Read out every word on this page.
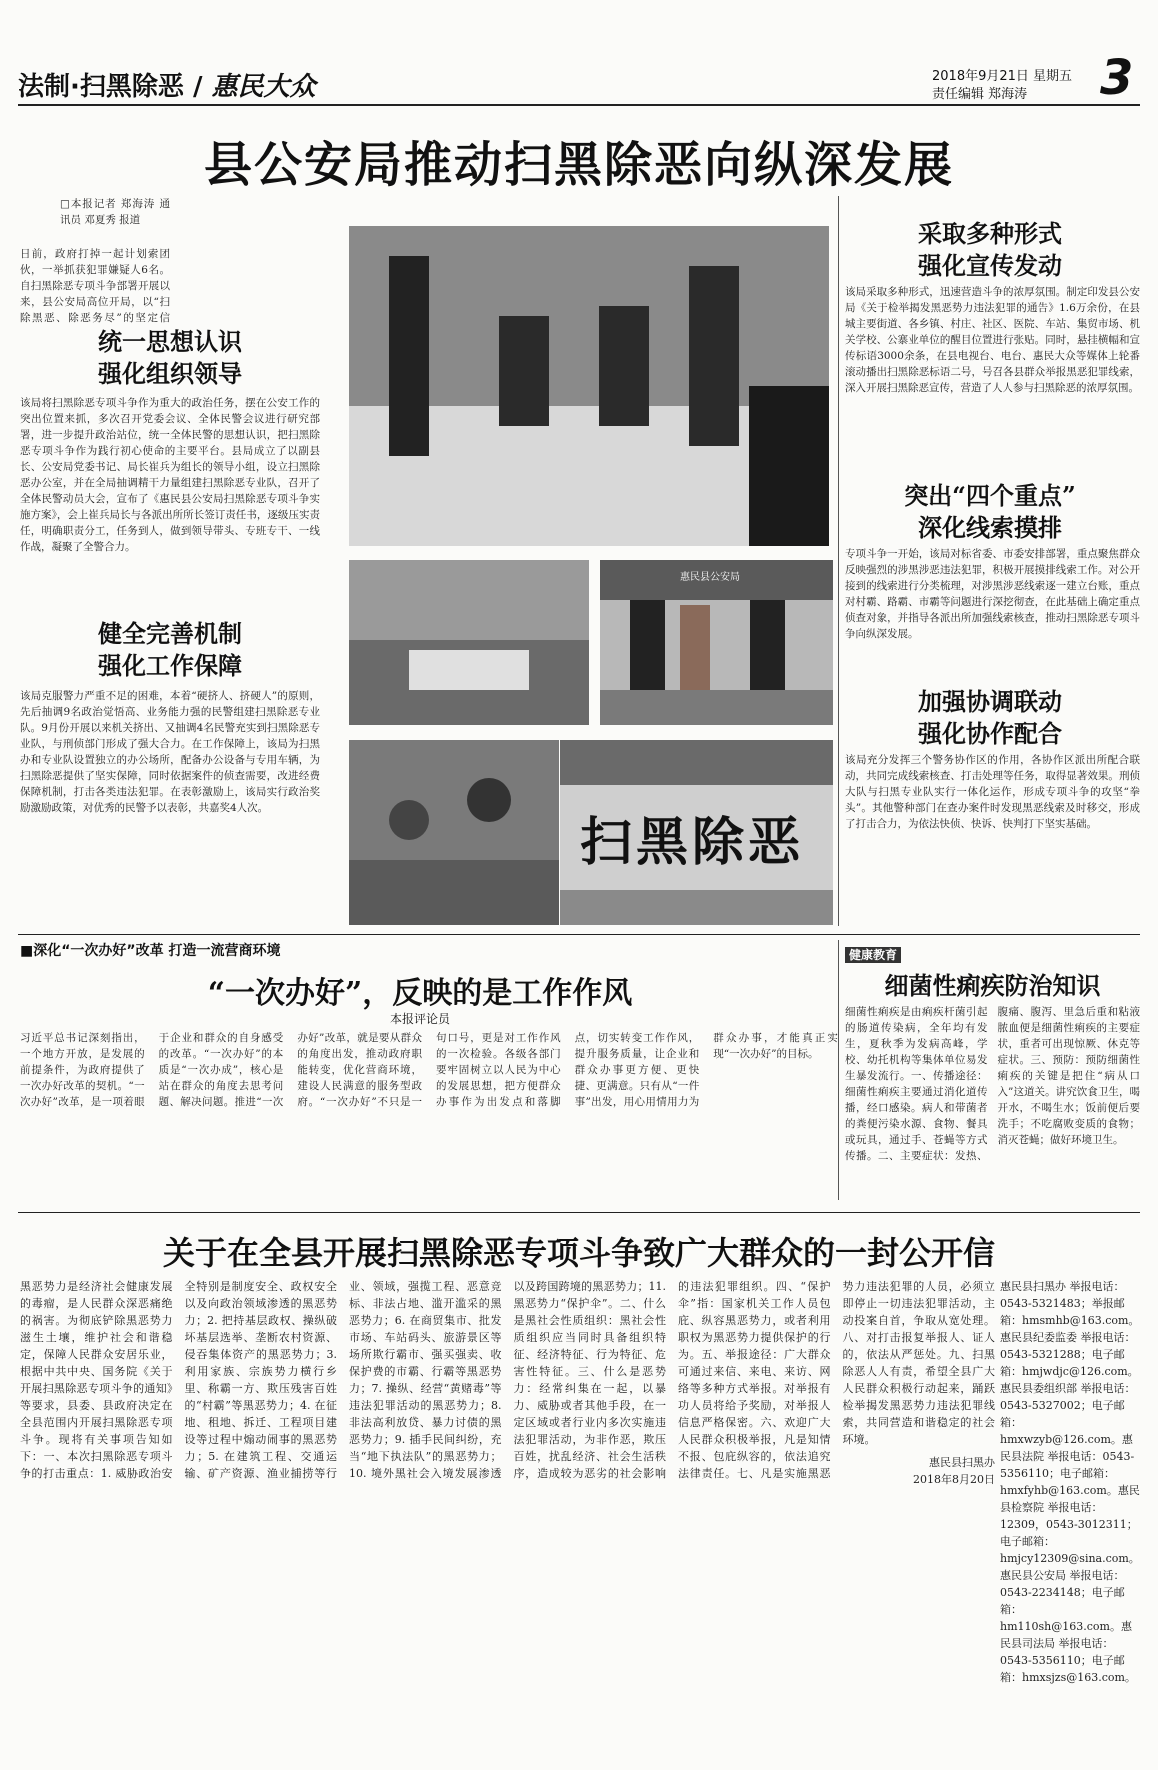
法制·扫黑除恶 / 惠民大众	2018年9月21日 星期五
责任编辑 郑海涛	3
县公安局推动扫黑除恶向纵深发展
□本报记者 郑海涛 通讯员 邓夏秀 报道
日前，政府打掉一起计划索团伙，一举抓获犯罪嫌疑人6名。自扫黑除恶专项斗争部署开展以来，县公安局高位开局，以“扫除黑恶、除恶务尽”的坚定信
统一思想认识
强化组织领导
该局将扫黑除恶专项斗争作为重大的政治任务，摆在公安工作的突出位置来抓，多次召开党委会议、全体民警会议进行研究部署，进一步提升政治站位，统一全体民警的思想认识，把扫黑除恶专项斗争作为践行初心使命的主要平台。县局成立了以副县长、公安局党委书记、局长崔兵为组长的领导小组，设立扫黑除恶办公室，并在全局抽调精干力量组建扫黑除恶专业队，召开了全体民警动员大会，宣布了《惠民县公安局扫黑除恶专项斗争实施方案》，会上崔兵局长与各派出所所长签订责任书，逐级压实责任，明确职责分工，任务到人，做到领导带头、专班专干、一线作战，凝聚了全警合力。
健全完善机制
强化工作保障
该局克服警力严重不足的困难，本着“硬挤人、挤硬人”的原则，先后抽调9名政治觉悟高、业务能力强的民警组建扫黑除恶专业队。9月份开展以来机关挤出、又抽调4名民警充实到扫黑除恶专业队，与刑侦部门形成了强大合力。在工作保障上，该局为扫黑办和专业队设置独立的办公场所，配备办公设备与专用车辆，为扫黑除恶提供了坚实保障，同时依据案件的侦查需要，改进经费保障机制，打击各类违法犯罪。在表彰激励上，该局实行政治奖励激励政策，对优秀的民警予以表彰，共嘉奖4人次。
惠民县公安局
扫黑除恶
采取多种形式
强化宣传发动
该局采取多种形式，迅速营造斗争的浓厚氛围。制定印发县公安局《关于检举揭发黑恶势力违法犯罪的通告》1.6万余份，在县城主要街道、各乡镇、村庄、社区、医院、车站、集贸市场、机关学校、公寨业单位的醒目位置进行张贴。同时，悬挂横幅和宣传标语3000余条，在县电视台、电台、惠民大众等媒体上轮番滚动播出扫黑除恶标语二号，号召各县群众举报黑恶犯罪线索，深入开展扫黑除恶宣传，营造了人人参与扫黑除恶的浓厚氛围。
突出“四个重点”
深化线索摸排
专项斗争一开始，该局对标省委、市委安排部署，重点聚焦群众反映强烈的涉黑涉恶违法犯罪，积极开展摸排线索工作。对公开接到的线索进行分类梳理，对涉黑涉恶线索逐一建立台账，重点对村霸、路霸、市霸等问题进行深挖彻查，在此基础上确定重点侦查对象，并指导各派出所加强线索核查，推动扫黑除恶专项斗争向纵深发展。
加强协调联动
强化协作配合
该局充分发挥三个警务协作区的作用，各协作区派出所配合联动，共同完成线索核查、打击处理等任务，取得显著效果。刑侦大队与扫黑专业队实行一体化运作，形成专项斗争的攻坚“拳头”。其他警种部门在查办案件时发现黑恶线索及时移交，形成了打击合力，为依法快侦、快诉、快判打下坚实基础。
■深化“一次办好”改革 打造一流营商环境
“一次办好”，反映的是工作作风
本报评论员
习近平总书记深刻指出，一个地方开放，是发展的前提条件，为政府提供了一次办好改革的契机。“一次办好”改革，是一项着眼于企业和群众的自身感受的改革。“一次办好”的本质是“一次办成”，核心是站在群众的角度去思考问题、解决问题。推进“一次办好”改革，就是要从群众的角度出发，推动政府职能转变，优化营商环境，建设人民满意的服务型政府。“一次办好”不只是一句口号，更是对工作作风的一次检验。各级各部门要牢固树立以人民为中心的发展思想，把方便群众办事作为出发点和落脚点，切实转变工作作风，提升服务质量，让企业和群众办事更方便、更快捷、更满意。只有从“一件事”出发，用心用情用力为群众办事，才能真正实现“一次办好”的目标。
健康教育
细菌性痢疾防治知识
细菌性痢疾是由痢疾杆菌引起的肠道传染病，全年均有发生，夏秋季为发病高峰，学校、幼托机构等集体单位易发生暴发流行。一、传播途径：细菌性痢疾主要通过消化道传播，经口感染。病人和带菌者的粪便污染水源、食物、餐具或玩具，通过手、苍蝇等方式传播。二、主要症状：发热、腹痛、腹泻、里急后重和粘液脓血便是细菌性痢疾的主要症状，重者可出现惊厥、休克等症状。三、预防：预防细菌性痢疾的关键是把住“病从口入”这道关。讲究饮食卫生，喝开水，不喝生水；饭前便后要洗手；不吃腐败变质的食物；消灭苍蝇；做好环境卫生。
关于在全县开展扫黑除恶专项斗争致广大群众的一封公开信
黑恶势力是经济社会健康发展的毒瘤，是人民群众深恶痛绝的祸害。为彻底铲除黑恶势力滋生土壤，维护社会和谐稳定，保障人民群众安居乐业，根据中共中央、国务院《关于开展扫黑除恶专项斗争的通知》等要求，县委、县政府决定在全县范围内开展扫黑除恶专项斗争。现将有关事项告知如下：一、本次扫黑除恶专项斗争的打击重点：1. 威胁政治安全特别是制度安全、政权安全以及向政治领域渗透的黑恶势力；2. 把持基层政权、操纵破坏基层选举、垄断农村资源、侵吞集体资产的黑恶势力；3. 利用家族、宗族势力横行乡里、称霸一方、欺压残害百姓的“村霸”等黑恶势力；4. 在征地、租地、拆迁、工程项目建设等过程中煽动闹事的黑恶势力；5. 在建筑工程、交通运输、矿产资源、渔业捕捞等行业、领域，强揽工程、恶意竞标、非法占地、滥开滥采的黑恶势力；6. 在商贸集市、批发市场、车站码头、旅游景区等场所欺行霸市、强买强卖、收保护费的市霸、行霸等黑恶势力；7. 操纵、经营“黄赌毒”等违法犯罪活动的黑恶势力；8. 非法高利放贷、暴力讨债的黑恶势力；9. 插手民间纠纷，充当“地下执法队”的黑恶势力；10. 境外黑社会入境发展渗透以及跨国跨境的黑恶势力；11. 黑恶势力“保护伞”。二、什么是黑社会性质组织：黑社会性质组织应当同时具备组织特征、经济特征、行为特征、危害性特征。三、什么是恶势力：经常纠集在一起，以暴力、威胁或者其他手段，在一定区域或者行业内多次实施违法犯罪活动，为非作恶，欺压百姓，扰乱经济、社会生活秩序，造成较为恶劣的社会影响的违法犯罪组织。四、“保护伞”指：国家机关工作人员包庇、纵容黑恶势力，或者利用职权为黑恶势力提供保护的行为。五、举报途径：广大群众可通过来信、来电、来访、网络等多种方式举报。对举报有功人员将给予奖励，对举报人信息严格保密。六、欢迎广大人民群众积极举报，凡是知情不报、包庇纵容的，依法追究法律责任。七、凡是实施黑恶势力违法犯罪的人员，必须立即停止一切违法犯罪活动，主动投案自首，争取从宽处理。八、对打击报复举报人、证人的，依法从严惩处。九、扫黑除恶人人有责，希望全县广大人民群众积极行动起来，踊跃检举揭发黑恶势力违法犯罪线索，共同营造和谐稳定的社会环境。
惠民县扫黑办
2018年8月20日
惠民县扫黑办 举报电话：0543-5321483；举报邮箱：hmsmhb@163.com。惠民县纪委监委 举报电话：0543-5321288；电子邮箱：hmjwdjc@126.com。惠民县委组织部 举报电话：0543-5327002；电子邮箱：hmxwzyb@126.com。惠民县法院 举报电话：0543-5356110；电子邮箱：hmxfyhb@163.com。惠民县检察院 举报电话：12309，0543-3012311；电子邮箱：hmjcy12309@sina.com。惠民县公安局 举报电话：0543-2234148；电子邮箱：hm110sh@163.com。惠民县司法局 举报电话：0543-5356110；电子邮箱：hmxsjzs@163.com。
